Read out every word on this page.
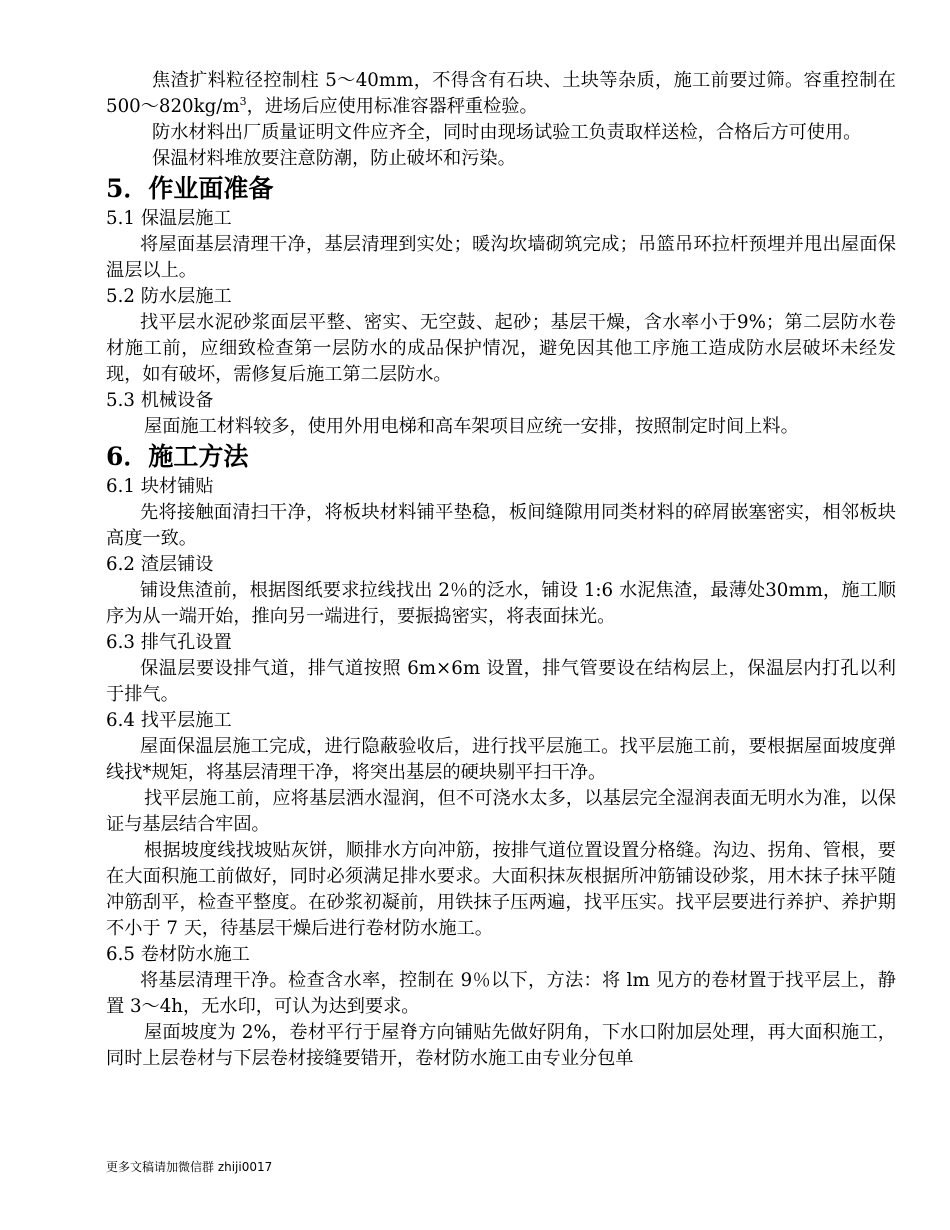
焦渣扩料粒径控制柱 5～40mm，不得含有石块、土块等杂质，施工前要过筛。容重控制在 $500\sim 820kg/m^3$，进场后应使用标准容器秤重检验。

防水材料出厂质量证明文件应齐全，同时由现场试验工负责取样送检，合格后方可使用。

保温材料堆放要注意防潮，防止破坏和污染。

5．作业面准备
5.1 保温层施工

将屋面基层清理干净，基层清理到实处；暖沟坎墙砌筑完成；吊篮吊环拉杆预埋并甩出屋面保温层以上。

5.2 防水层施工

找平层水泥砂浆面层平整、密实、无空鼓、起砂；基层干燥，含水率小于9%；第二层防水卷材施工前，应细致检查第一层防水的成品保护情况，避免因其他工序施工造成防水层破坏未经发现，如有破坏，需修复后施工第二层防水。

5.3 机械设备

屋面施工材料较多，使用外用电梯和高车架项目应统一安排，按照制定时间上料。

6．施工方法
6.1 块材铺贴

先将接触面清扫干净，将板块材料铺平垫稳，板间缝隙用同类材料的碎屑嵌塞密实，相邻板块高度一致。

6.2 渣层铺设

铺设焦渣前，根据图纸要求拉线找出 2％的泛水，铺设 1:6 水泥焦渣，最薄处30mm，施工顺序为从一端开始，推向另一端进行，要振捣密实，将表面抹光。

6.3 排气孔设置

保温层要设排气道，排气道按照 6m×6m 设置，排气管要设在结构层上，保温层内打孔以利于排气。

6.4 找平层施工

屋面保温层施工完成，进行隐蔽验收后，进行找平层施工。找平层施工前，要根据屋面坡度弹线找*规矩，将基层清理干净，将突出基层的硬块剔平扫干净。

找平层施工前，应将基层洒水湿润，但不可浇水太多，以基层完全湿润表面无明水为准，以保证与基层结合牢固。

根据坡度线找坡贴灰饼，顺排水方向冲筋，按排气道位置设置分格缝。沟边、拐角、管根，要在大面积施工前做好，同时必须满足排水要求。大面积抹灰根据所冲筋铺设砂浆，用木抹子抹平随冲筋刮平，检查平整度。在砂浆初凝前，用铁抹子压两遍，找平压实。找平层要进行养护、养护期不小于 7 天，待基层干燥后进行卷材防水施工。

6.5 卷材防水施工

将基层清理干净。检查含水率，控制在 9％以下，方法：将 lm 见方的卷材置于找平层上，静置 3～4h，无水印，可认为达到要求。

屋面坡度为 2%，卷材平行于屋脊方向铺贴先做好阴角，下水口附加层处理，再大面积施工，同时上层卷材与下层卷材接缝要错开，卷材防水施工由专业分包单

更多文稿请加微信群 zhiji0017
